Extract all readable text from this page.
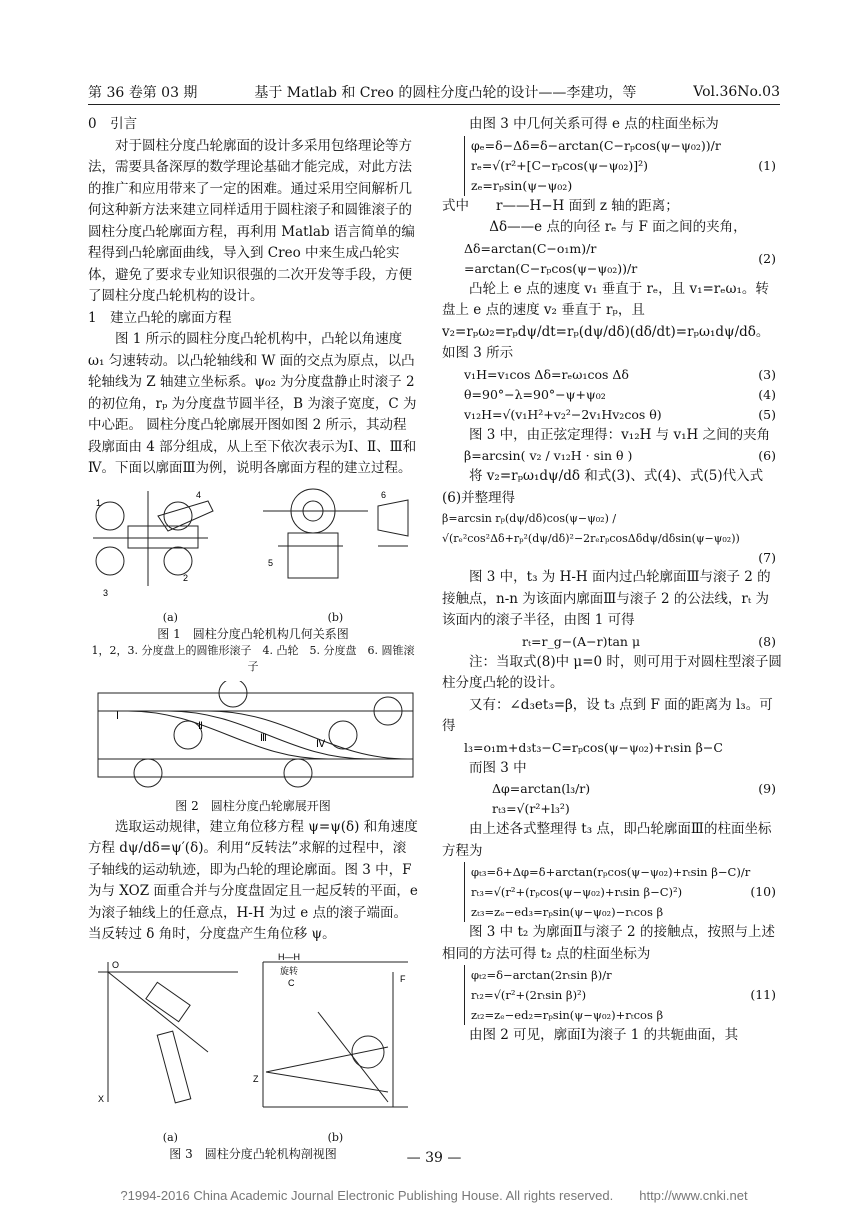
第 36 卷第 03 期	基于 Matlab 和 Creo 的圆柱分度凸轮的设计——李建功，等	Vol.36No.03

0　引言

对于圆柱分度凸轮廓面的设计多采用包络理论等方法，需要具备深厚的数学理论基础才能完成，对此方法的推广和应用带来了一定的困难。通过采用空间解析几何这种新方法来建立同样适用于圆柱滚子和圆锥滚子的圆柱分度凸轮廓面方程，再利用 Matlab 语言简单的编程得到凸轮廓面曲线，导入到 Creo 中来生成凸轮实体，避免了要求专业知识很强的二次开发等手段，方便了圆柱分度凸轮机构的设计。

1　建立凸轮的廓面方程

图 1 所示的圆柱分度凸轮机构中，凸轮以角速度 ω₁ 匀速转动。以凸轮轴线和 W 面的交点为原点，以凸轮轴线为 Z 轴建立坐标系。ψ₀₂ 为分度盘静止时滚子 2 的初位角，rₚ 为分度盘节圆半径，B 为滚子宽度，C 为中心距。 圆柱分度凸轮廓展开图如图 2 所示，其动程段廓面由 4 部分组成，从上至下依次表示为Ⅰ、Ⅱ、Ⅲ和Ⅳ。下面以廓面Ⅲ为例，说明各廓面方程的建立过程。

1
4
3
2
5
6
(a)	(b)
图 1　圆柱分度凸轮机构几何关系图
1，2，3. 分度盘上的圆锥形滚子　4. 凸轮　5. 分度盘　6. 圆锥滚子
Ⅰ
Ⅱ
Ⅲ
Ⅳ
图 2　圆柱分度凸轮廓展开图

选取运动规律，建立角位移方程 ψ=ψ(δ) 和角速度方程 dψ/dδ=ψ′(δ)。利用“反转法”求解的过程中，滚子轴线的运动轨迹，即为凸轮的理论廓面。图 3 中，F 为与 XOZ 面重合并与分度盘固定且一起反转的平面，e 为滚子轴线上的任意点，H-H 为过 e 点的滚子端面。当反转过 δ 角时，分度盘产生角位移 ψ。

H—H
旋转
C
X
Z
F
O
(a)	(b)
图 3　圆柱分度凸轮机构剖视图

由图 3 中几何关系可得 e 点的柱面坐标为

φₑ=δ−Δδ=δ−arctan(C−rₚcos(ψ−ψ₀₂))/r
rₑ=√(r²+[C−rₚcos(ψ−ψ₀₂)]²)
zₑ=rₚsin(ψ−ψ₀₂)
(1)

式中　　r——H−H 面到 z 轴的距离；

Δδ——e 点的向径 rₑ 与 F 面之间的夹角，

Δδ=arctan(C−o₁m)/r =arctan(C−rₚcos(ψ−ψ₀₂))/r
(2)

凸轮上 e 点的速度 v₁ 垂直于 rₑ，且 v₁=rₑω₁。转盘上 e 点的速度 v₂ 垂直于 rₚ，且 v₂=rₚω₂=rₚdψ/dt=rₚ(dψ/dδ)(dδ/dt)=rₚω₁dψ/dδ。如图 3 所示

v₁H=v₁cos Δδ=rₑω₁cos Δδ	(3)
θ=90°−λ=90°−ψ+ψ₀₂	(4)
v₁₂H=√(v₁H²+v₂²−2v₁Hv₂cos θ)	(5)

图 3 中，由正弦定理得：v₁₂H 与 v₁H 之间的夹角

β=arcsin( v₂ / v₁₂H · sin θ )	(6)

将 v₂=rₚω₁dψ/dδ 和式(3)、式(4)、式(5)代入式(6)并整理得

β=arcsin rₚ(dψ/dδ)cos(ψ−ψ₀₂) / √(rₑ²cos²Δδ+rₚ²(dψ/dδ)²−2rₑrₚcosΔδdψ/dδsin(ψ−ψ₀₂))
(7)

图 3 中，t₃ 为 H-H 面内过凸轮廓面Ⅲ与滚子 2 的接触点，n-n 为该面内廓面Ⅲ与滚子 2 的公法线，rₜ 为该面内的滚子半径，由图 1 可得

rₜ=r_g−(A−r)tan μ	(8)

注：当取式(8)中 μ=0 时，则可用于对圆柱型滚子圆柱分度凸轮的设计。

又有：∠d₃et₃=β，设 t₃ 点到 F 面的距离为 l₃。可得

l₃=o₁m+d₃t₃−C=rₚcos(ψ−ψ₀₂)+rₜsin β−C

而图 3 中

Δφ=arctan(l₃/r)	(9)
rₜ₃=√(r²+l₃²)

由上述各式整理得 t₃ 点，即凸轮廓面Ⅲ的柱面坐标方程为

φₜ₃=δ+Δφ=δ+arctan(rₚcos(ψ−ψ₀₂)+rₜsin β−C)/r
rₜ₃=√(r²+(rₚcos(ψ−ψ₀₂)+rₜsin β−C)²)
zₜ₃=zₑ−ed₃=rₚsin(ψ−ψ₀₂)−rₜcos β
(10)

图 3 中 t₂ 为廓面Ⅱ与滚子 2 的接触点，按照与上述相同的方法可得 t₂ 点的柱面坐标为

φₜ₂=δ−arctan(2rₜsin β)/r
rₜ₂=√(r²+(2rₜsin β)²)
zₜ₂=zₑ−ed₂=rₚsin(ψ−ψ₀₂)+rₜcos β
(11)

由图 2 可见，廓面Ⅰ为滚子 1 的共轭曲面，其

— 39 —
?1994-2016 China Academic Journal Electronic Publishing House. All rights reserved.　　http://www.cnki.net
